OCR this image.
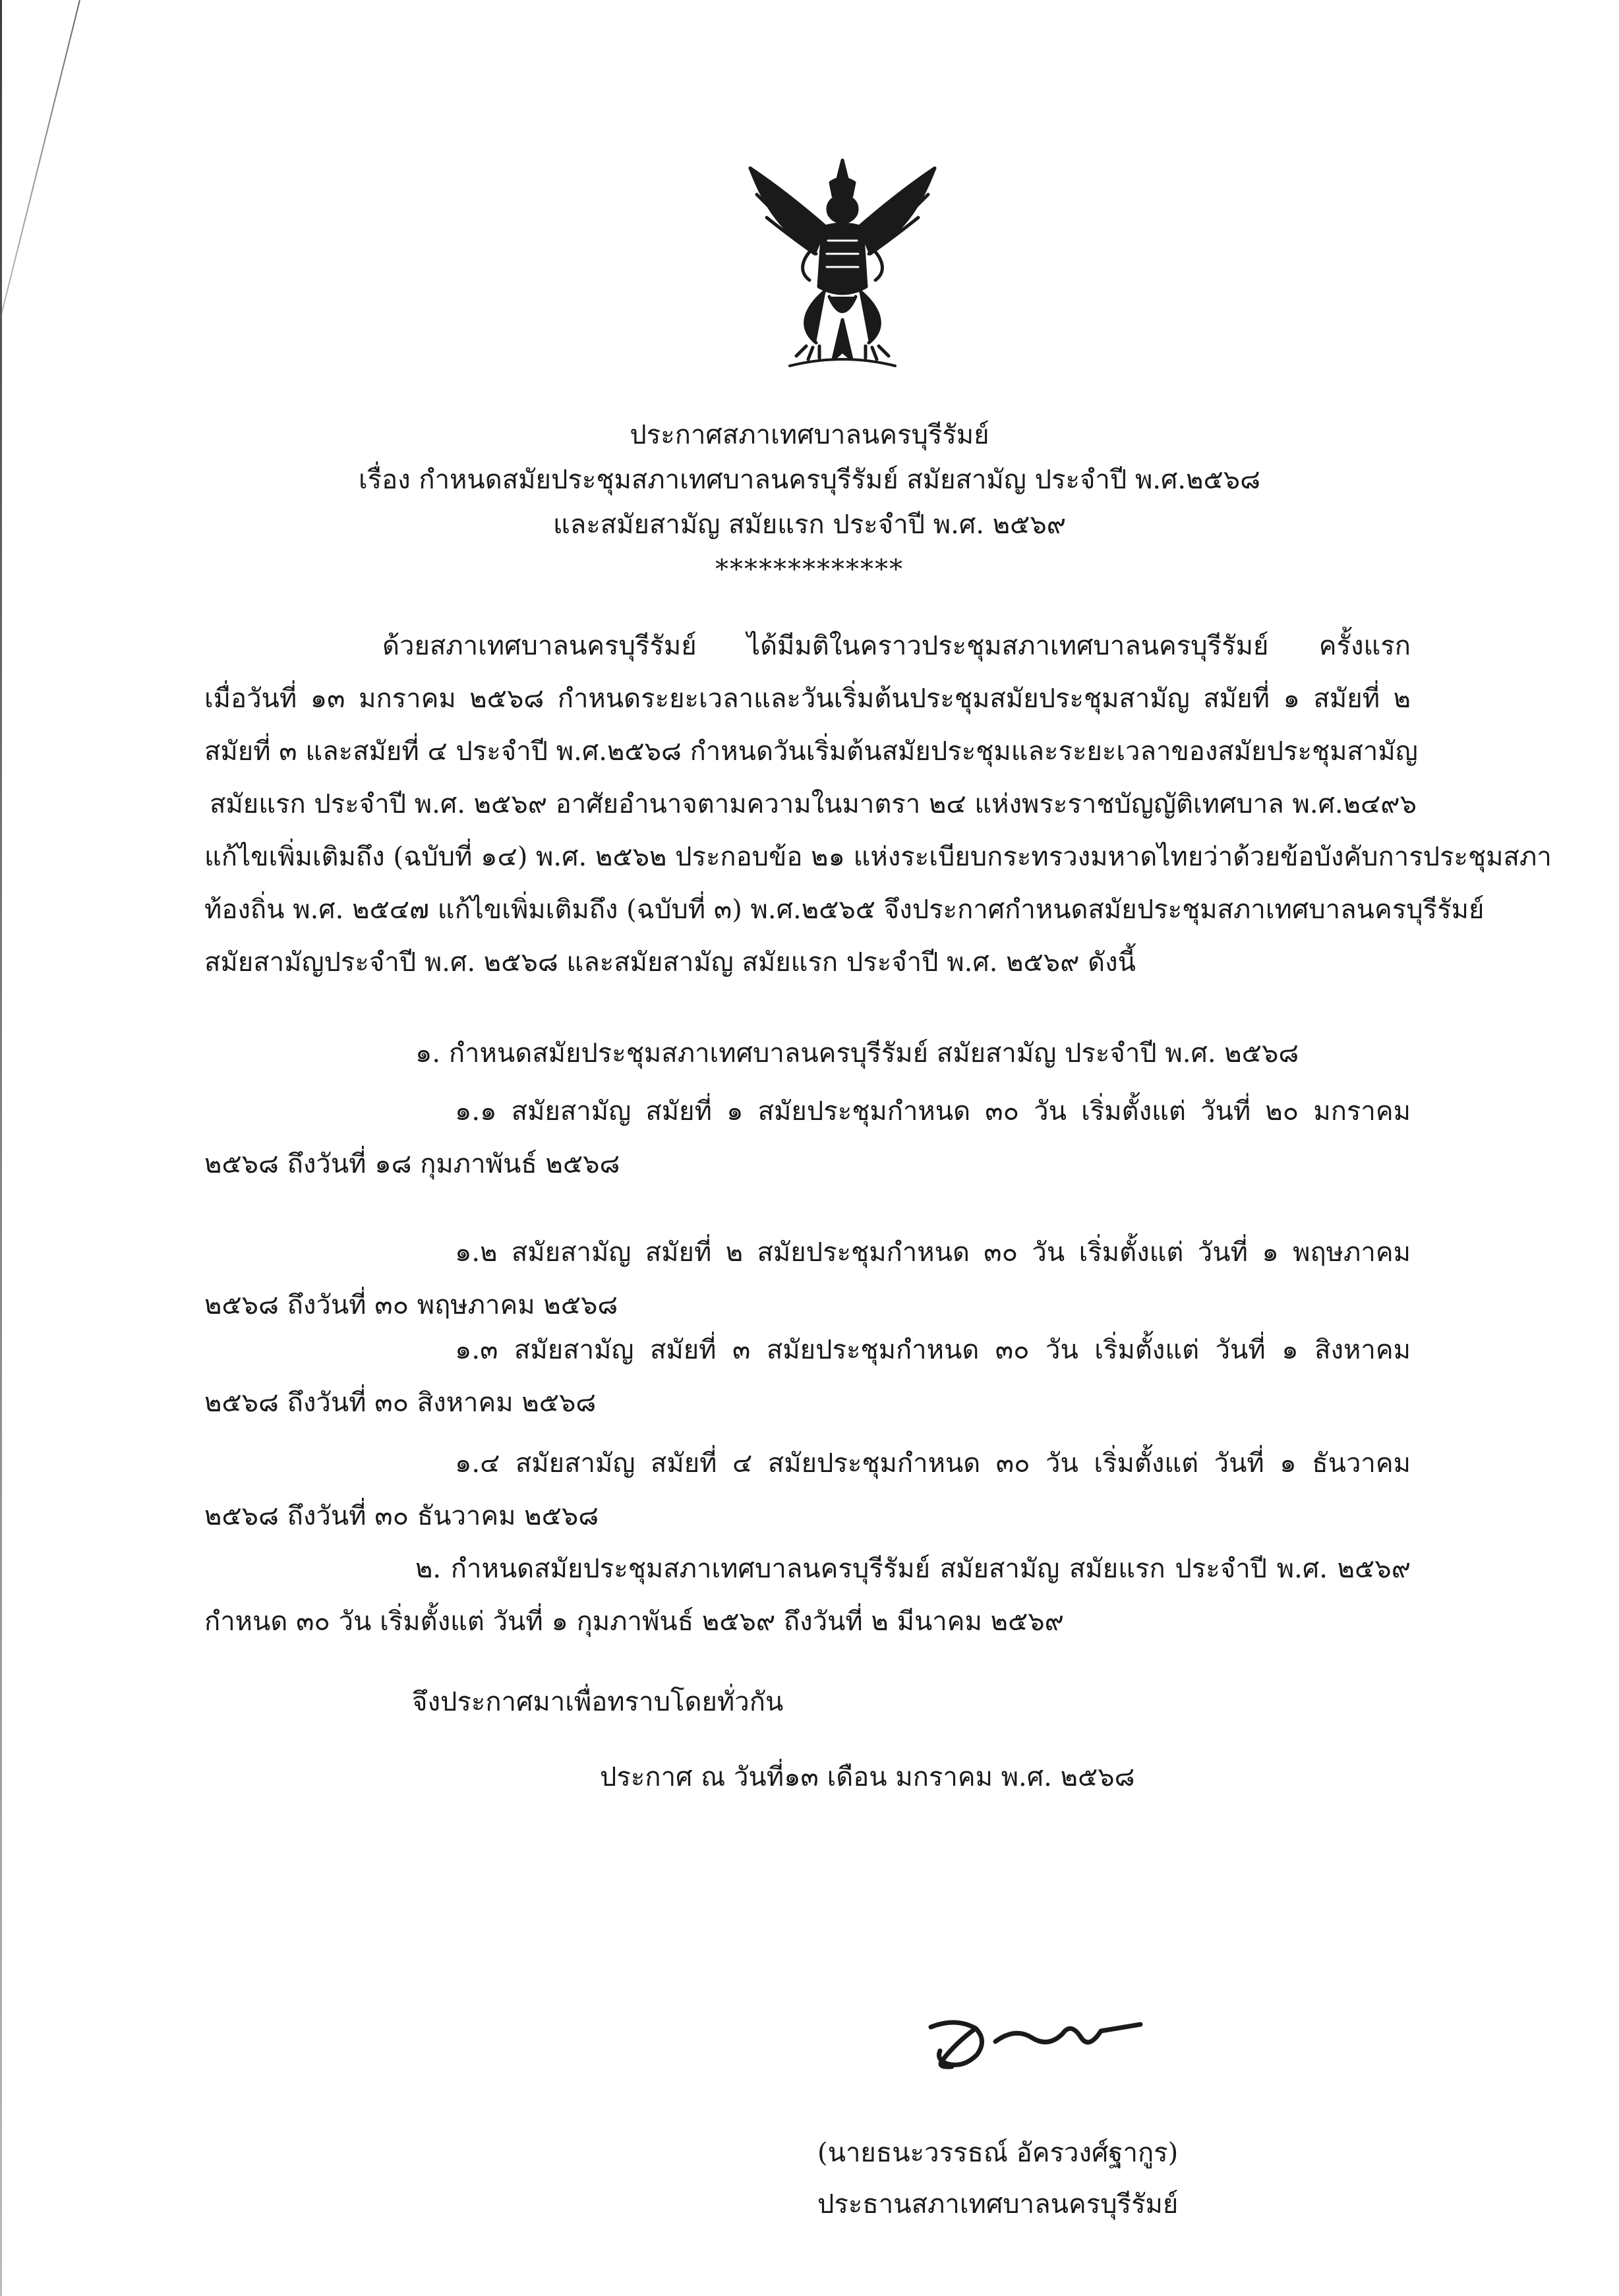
ประกาศสภาเทศบาลนครบุรีรัมย์
เรื่อง กำหนดสมัยประชุมสภาเทศบาลนครบุรีรัมย์ สมัยสามัญ ประจำปี พ.ศ.๒๕๖๘
และสมัยสามัญ สมัยแรก ประจำปี พ.ศ. ๒๕๖๙
*************
ด้วยสภาเทศบาลนครบุรีรัมย์ ได้มีมติในคราวประชุมสภาเทศบาลนครบุรีรัมย์ ครั้งแรก
เมื่อวันที่ ๑๓ มกราคม ๒๕๖๘ กำหนดระยะเวลาและวันเริ่มต้นประชุมสมัยประชุมสามัญ สมัยที่ ๑ สมัยที่ ๒
สมัยที่ ๓ และสมัยที่ ๔ ประจำปี พ.ศ.๒๕๖๘ กำหนดวันเริ่มต้นสมัยประชุมและระยะเวลาของสมัยประชุมสามัญ
สมัยแรก ประจำปี พ.ศ. ๒๕๖๙ อาศัยอำนาจตามความในมาตรา ๒๔ แห่งพระราชบัญญัติเทศบาล พ.ศ.๒๔๙๖
แก้ไขเพิ่มเติมถึง (ฉบับที่ ๑๔) พ.ศ. ๒๕๖๒ ประกอบข้อ ๒๑ แห่งระเบียบกระทรวงมหาดไทยว่าด้วยข้อบังคับการประชุมสภา
ท้องถิ่น พ.ศ. ๒๕๔๗ แก้ไขเพิ่มเติมถึง (ฉบับที่ ๓) พ.ศ.๒๕๖๕ จึงประกาศกำหนดสมัยประชุมสภาเทศบาลนครบุรีรัมย์
สมัยสามัญประจำปี พ.ศ. ๒๕๖๘ และสมัยสามัญ สมัยแรก ประจำปี พ.ศ. ๒๕๖๙ ดังนี้
๑. กำหนดสมัยประชุมสภาเทศบาลนครบุรีรัมย์ สมัยสามัญ ประจำปี พ.ศ. ๒๕๖๘
๑.๑ สมัยสามัญ สมัยที่ ๑ สมัยประชุมกำหนด ๓๐ วัน เริ่มตั้งแต่ วันที่ ๒๐ มกราคม
๒๕๖๘ ถึงวันที่ ๑๘ กุมภาพันธ์ ๒๕๖๘
๑.๒ สมัยสามัญ สมัยที่ ๒ สมัยประชุมกำหนด ๓๐ วัน เริ่มตั้งแต่ วันที่ ๑ พฤษภาคม
๒๕๖๘ ถึงวันที่ ๓๐ พฤษภาคม ๒๕๖๘
๑.๓ สมัยสามัญ สมัยที่ ๓ สมัยประชุมกำหนด ๓๐ วัน เริ่มตั้งแต่ วันที่ ๑ สิงหาคม
๒๕๖๘ ถึงวันที่ ๓๐ สิงหาคม ๒๕๖๘
๑.๔ สมัยสามัญ สมัยที่ ๔ สมัยประชุมกำหนด ๓๐ วัน เริ่มตั้งแต่ วันที่ ๑ ธันวาคม
๒๕๖๘ ถึงวันที่ ๓๐ ธันวาคม ๒๕๖๘
๒. กำหนดสมัยประชุมสภาเทศบาลนครบุรีรัมย์ สมัยสามัญ สมัยแรก ประจำปี พ.ศ. ๒๕๖๙
กำหนด ๓๐ วัน เริ่มตั้งแต่ วันที่ ๑ กุมภาพันธ์ ๒๕๖๙ ถึงวันที่ ๒ มีนาคม ๒๕๖๙
จึงประกาศมาเพื่อทราบโดยทั่วกัน
ประกาศ ณ วันที่๑๓ เดือน มกราคม พ.ศ. ๒๕๖๘
(นายธนะวรรธณ์ อัครวงศ์ฐากูร)
ประธานสภาเทศบาลนครบุรีรัมย์
